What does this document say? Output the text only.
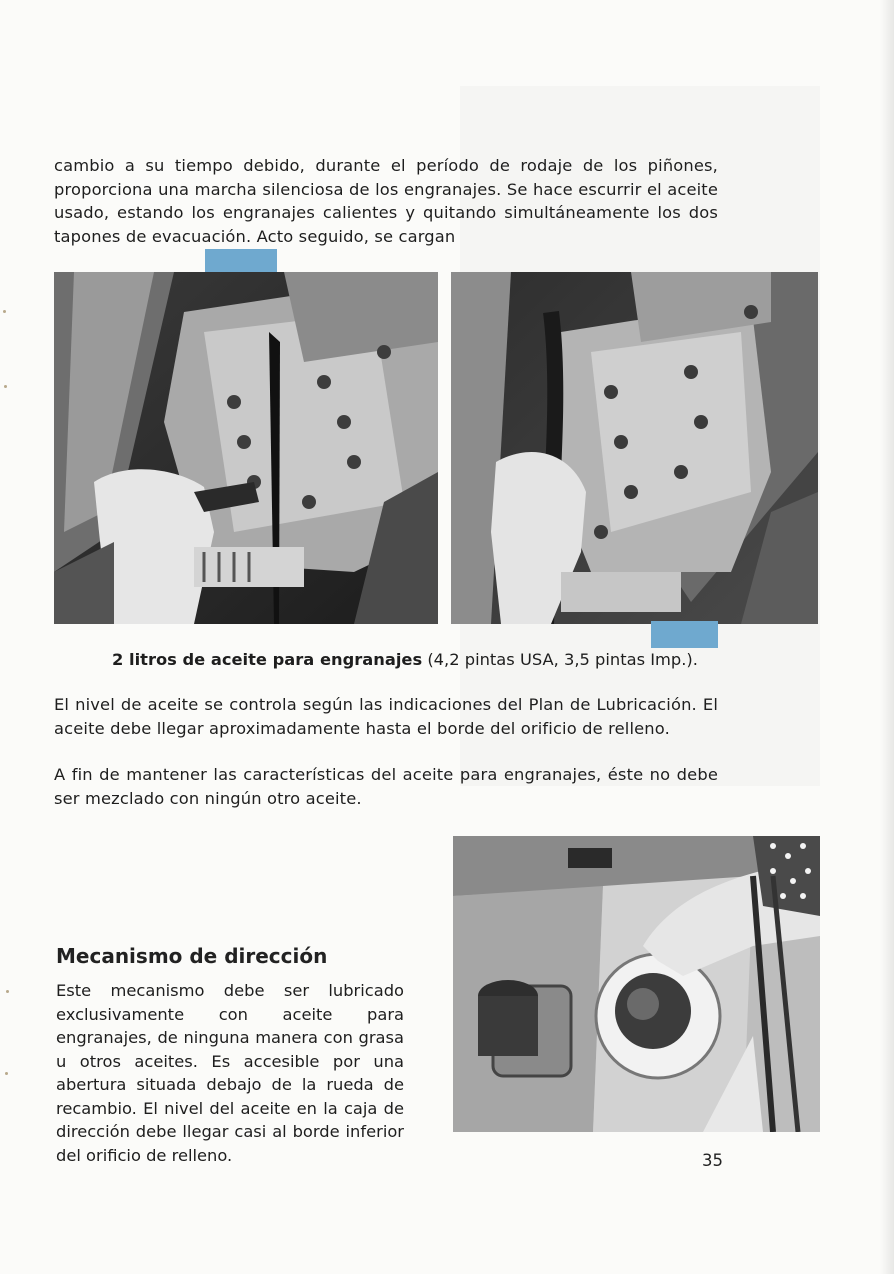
cambio a su tiempo debido, durante el período de rodaje de los piñones, proporciona una marcha silenciosa de los engranajes. Se hace escurrir el aceite usado, estando los engranajes calientes y quitando simultáneamente los dos tapones de evacuación. Acto seguido, se cargan

2 litros de aceite para engranajes (4,2 pintas USA, 3,5 pintas Imp.).

El nivel de aceite se controla según las indicaciones del Plan de Lubricación. El aceite debe llegar aproximadamente hasta el borde del orificio de relleno.

A fin de mantener las características del aceite para engranajes, éste no debe ser mezclado con ningún otro aceite.

Mecanismo de dirección

Este mecanismo debe ser lubricado exclusivamente con aceite para engranajes, de ninguna manera con grasa u otros aceites. Es accesible por una abertura situada debajo de la rueda de recambio. El nivel del aceite en la caja de dirección debe llegar casi al borde inferior del orificio de relleno.	35
